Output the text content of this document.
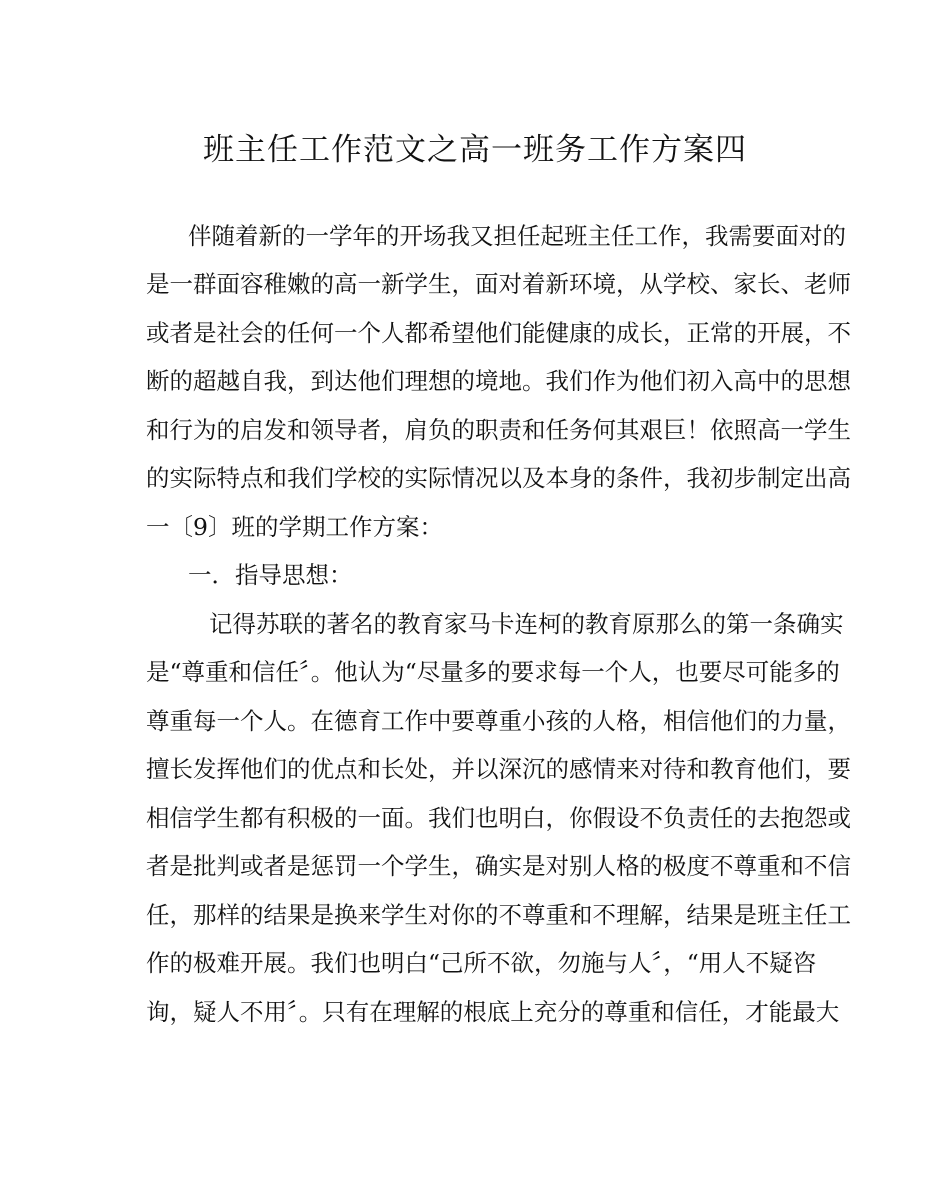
班主任工作范文之高一班务工作方案四

伴随着新的一学年的开场我又担任起班主任工作，我需要面对的

是一群面容稚嫩的高一新学生，面对着新环境，从学校、家长、老师

或者是社会的任何一个人都希望他们能健康的成长，正常的开展，不

断的超越自我，到达他们理想的境地。我们作为他们初入高中的思想

和行为的启发和领导者，肩负的职责和任务何其艰巨！依照高一学生

的实际特点和我们学校的实际情况以及本身的条件，我初步制定出高

一〔9〕班的学期工作方案：

一．指导思想：

记得苏联的著名的教育家马卡连柯的教育原那么的第一条确实

是“尊重和信任〞。他认为“尽量多的要求每一个人，也要尽可能多的

尊重每一个人。在德育工作中要尊重小孩的人格，相信他们的力量，

擅长发挥他们的优点和长处，并以深沉的感情来对待和教育他们，要

相信学生都有积极的一面。我们也明白，你假设不负责任的去抱怨或

者是批判或者是惩罚一个学生，确实是对别人格的极度不尊重和不信

任，那样的结果是换来学生对你的不尊重和不理解，结果是班主任工

作的极难开展。我们也明白“己所不欲，勿施与人〞，“用人不疑咨

询，疑人不用〞。只有在理解的根底上充分的尊重和信任，才能最大
